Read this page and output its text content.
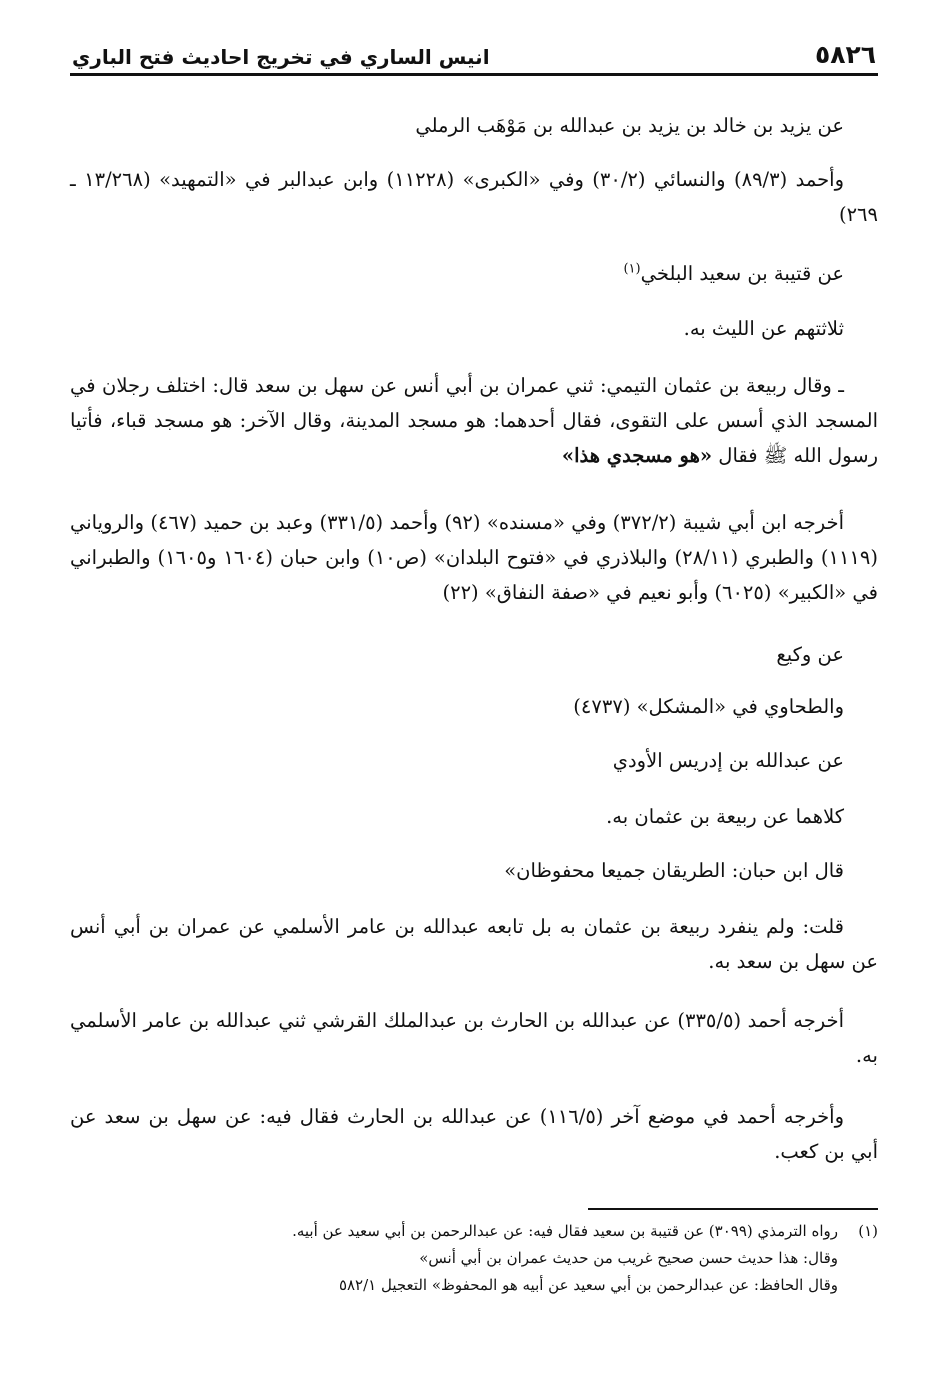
٥٨٢٦
انيس الساري في تخريج احاديث فتح الباري

عن يزيد بن خالد بن يزيد بن عبدالله بن مَوْهَب الرملي

وأحمد (٨٩/٣) والنسائي (٣٠/٢) وفي «الكبرى» (١١٢٢٨) وابن عبدالبر في «التمهيد» (١٣/٢٦٨ ـ ٢٦٩)

عن قتيبة بن سعيد البلخي$^{(١)}$

ثلاثتهم عن الليث به.

ـ وقال ربيعة بن عثمان التيمي: ثني عمران بن أبي أنس عن سهل بن سعد قال: اختلف رجلان في المسجد الذي أسس على التقوى، فقال أحدهما: هو مسجد المدينة، وقال الآخر: هو مسجد قباء، فأتيا رسول الله ﷺ فقال «هو مسجدي هذا»

أخرجه ابن أبي شيبة (٣٧٢/٢) وفي «مسنده» (٩٢) وأحمد (٣٣١/٥) وعبد بن حميد (٤٦٧) والروياني (١١١٩) والطبري (٢٨/١١) والبلاذري في «فتوح البلدان» (ص١٠) وابن حبان (١٦٠٤ و١٦٠٥) والطبراني في «الكبير» (٦٠٢٥) وأبو نعيم في «صفة النفاق» (٢٢)

عن وكيع

والطحاوي في «المشكل» (٤٧٣٧)

عن عبدالله بن إدريس الأودي

كلاهما عن ربيعة بن عثمان به.

قال ابن حبان: الطريقان جميعا محفوظان»

قلت: ولم ينفرد ربيعة بن عثمان به بل تابعه عبدالله بن عامر الأسلمي عن عمران بن أبي أنس عن سهل بن سعد به.

أخرجه أحمد (٣٣٥/٥) عن عبدالله بن الحارث بن عبدالملك القرشي ثني عبدالله بن عامر الأسلمي به.

وأخرجه أحمد في موضع آخر (١١٦/٥) عن عبدالله بن الحارث فقال فيه: عن سهل بن سعد عن أبي بن كعب.

(١)رواه الترمذي (٣٠٩٩) عن قتيبة بن سعيد فقال فيه: عن عبدالرحمن بن أبي سعيد عن أبيه.
وقال: هذا حديث حسن صحيح غريب من حديث عمران بن أبي أنس»
وقال الحافظ: عن عبدالرحمن بن أبي سعيد عن أبيه هو المحفوظ» التعجيل ٥٨٢/١
